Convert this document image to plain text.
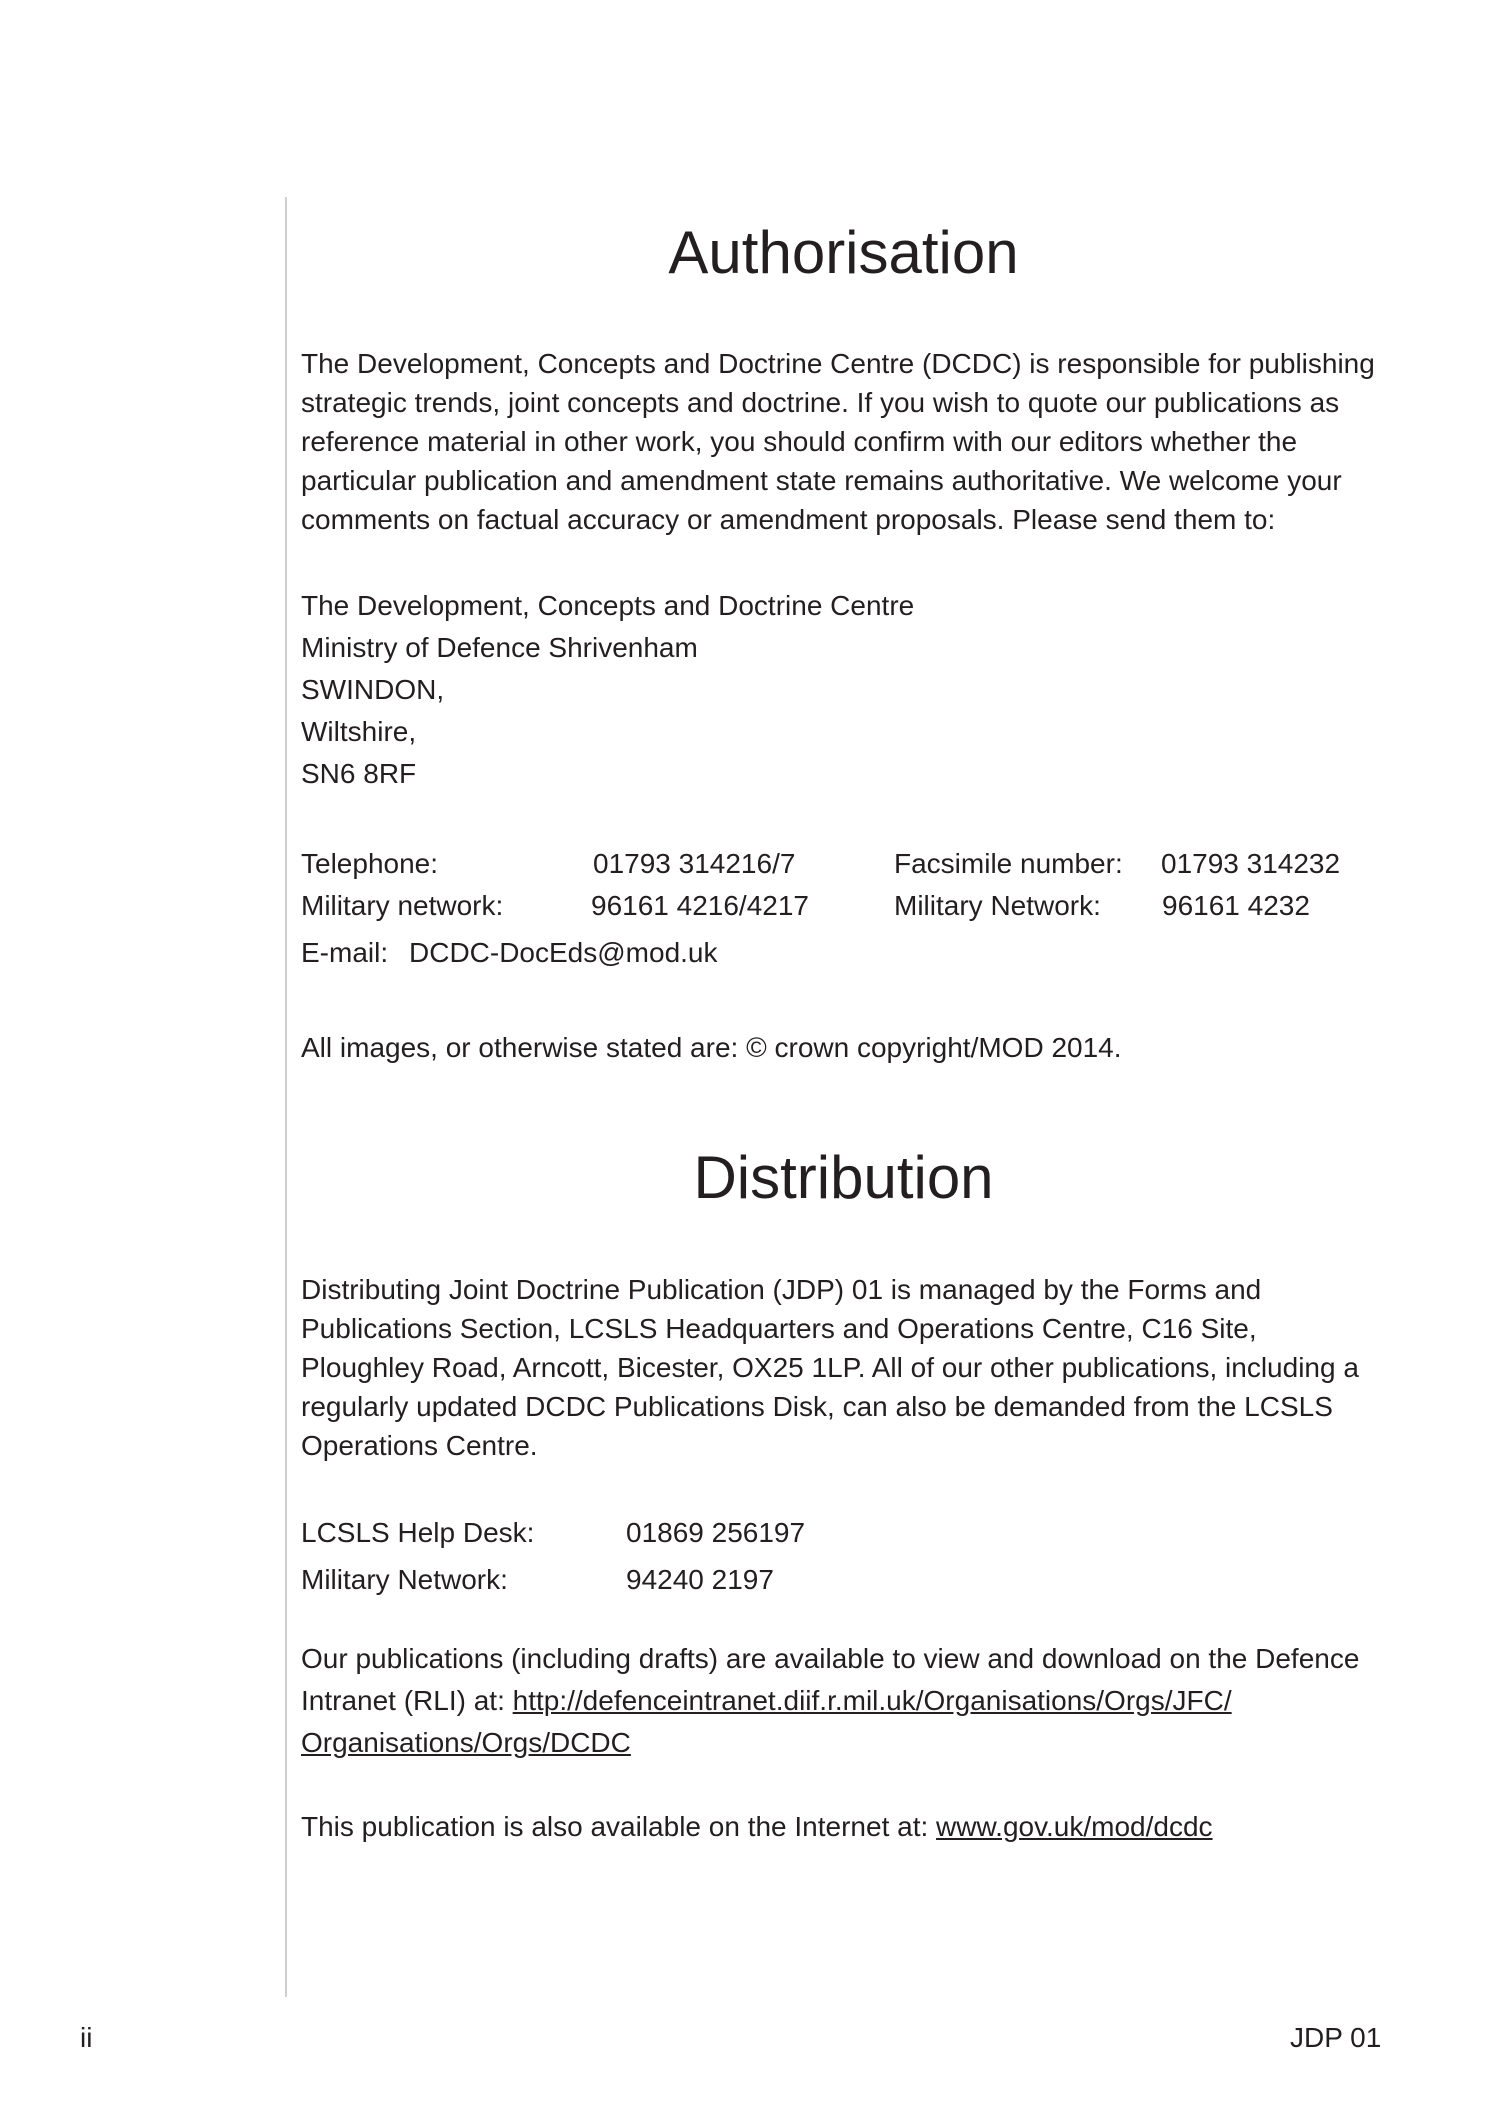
Authorisation

The Development, Concepts and Doctrine Centre (DCDC) is responsible for publishing strategic trends, joint concepts and doctrine. If you wish to quote our publications as reference material in other work, you should confirm with our editors whether the particular publication and amendment state remains authoritative. We welcome your comments on factual accuracy or amendment proposals. Please send them to:

The Development, Concepts and Doctrine Centre
Ministry of Defence Shrivenham
SWINDON,
Wiltshire,
SN6 8RF
Telephone:	01793 314216/7	Facsimile number: 01793 314232
Military network:	96161 4216/4217	Military Network: 96161 4232
E-mail: DCDC-DocEds@mod.uk
All images, or otherwise stated are: © crown copyright/MOD 2014.
Distribution

Distributing Joint Doctrine Publication (JDP) 01 is managed by the Forms and Publications Section, LCSLS Headquarters and Operations Centre, C16 Site, Ploughley Road, Arncott, Bicester, OX25 1LP. All of our other publications, including a regularly updated DCDC Publications Disk, can also be demanded from the LCSLS Operations Centre.

LCSLS Help Desk:	01869 256197
Military Network:	94240 2197
Our publications (including drafts) are available to view and download on the Defence Intranet (RLI) at: http://defenceintranet.diif.r.mil.uk/Organisations/Orgs/JFC/
Organisations/Orgs/DCDC
This publication is also available on the Internet at: www.gov.uk/mod/dcdc
ii	JDP 01
